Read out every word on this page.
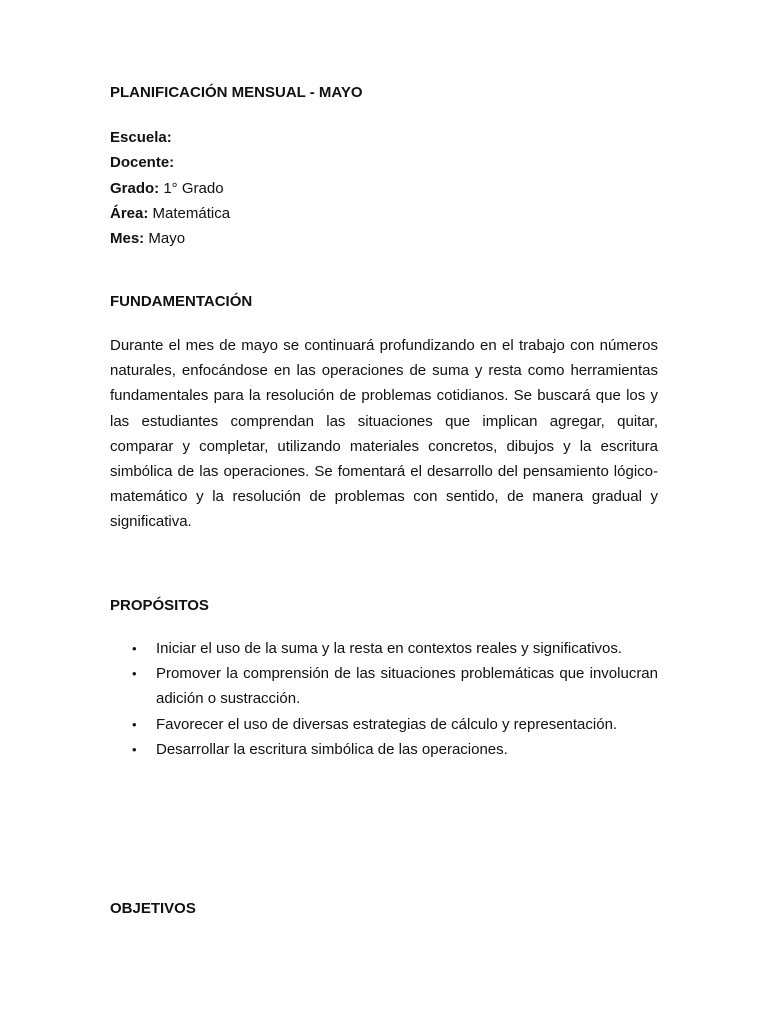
PLANIFICACIÓN MENSUAL - MAYO
Escuela:
Docente:
Grado: 1° Grado
Área: Matemática
Mes: Mayo
FUNDAMENTACIÓN

Durante el mes de mayo se continuará profundizando en el trabajo con números naturales, enfocándose en las operaciones de suma y resta como herramientas fundamentales para la resolución de problemas cotidianos. Se buscará que los y las estudiantes comprendan las situaciones que implican agregar, quitar, comparar y completar, utilizando materiales concretos, dibujos y la escritura simbólica de las operaciones. Se fomentará el desarrollo del pensamiento lógico-matemático y la resolución de problemas con sentido, de manera gradual y significativa.

PROPÓSITOS
• Iniciar el uso de la suma y la resta en contextos reales y significativos.
• Promover la comprensión de las situaciones problemáticas que involucran adición o sustracción.
• Favorecer el uso de diversas estrategias de cálculo y representación.
• Desarrollar la escritura simbólica de las operaciones.
OBJETIVOS
